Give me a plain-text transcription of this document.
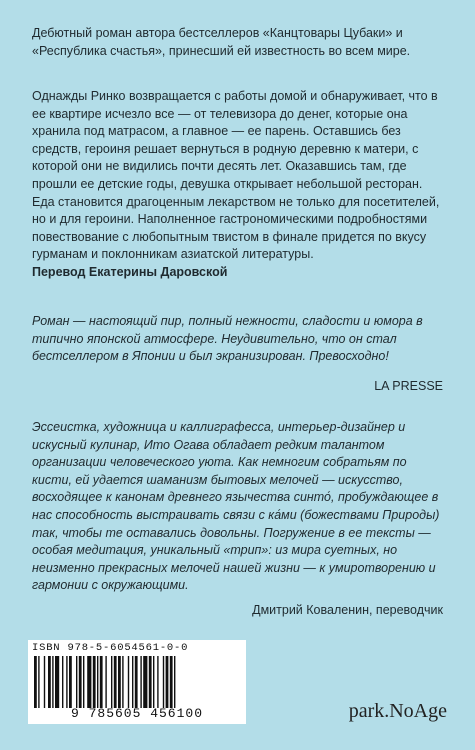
Дебютный роман автора бестселлеров «Канцтовары Цубаки» и «Республика счастья», принесший ей известность во всем мире.

Однажды Ринко возвращается с работы домой и обнаруживает, что в ее квартире исчезло все — от телевизора до денег, которые она хранила под матрасом, а главное — ее парень. Оставшись без средств, героиня решает вернуться в родную деревню к матери, с которой они не видились почти десять лет. Оказавшись там, где прошли ее детские годы, девушка открывает небольшой ресторан. Еда становится драгоценным лекарством не только для посетителей, но и для героини. Наполненное гастрономическими подробностями повествование с любопытным твистом в финале придется по вкусу гурманам и поклонникам азиатской литературы.

Перевод Екатерины Даровской

Роман — настоящий пир, полный нежности, сладости и юмора в типично японской атмосфере. Неудивительно, что он стал бестселлером в Японии и был экранизирован. Превосходно!

LA PRESSE

Эссеистка, художница и каллиграфесса, интерьер-дизайнер и искусный кулинар, Ито Огава обладает редким талантом организации человеческого уюта. Как немногим собратьям по кисти, ей удается шаманизм бытовых мелочей — искусство, восходящее к канонам древнего язычества синто́, пробуждающее в нас способность выстраивать связи с ка́ми (божествами Природы) так, чтобы те оставались довольны. Погружение в ее тексты — особая медитация, уникальный «трип»: из мира суетных, но неизменно прекрасных мелочей нашей жизни — к умиротворению и гармонии с окружающими.

Дмитрий Коваленин, переводчик
ISBN 978-5-6054561-0-0
9 785605 456100	park.NoAge
